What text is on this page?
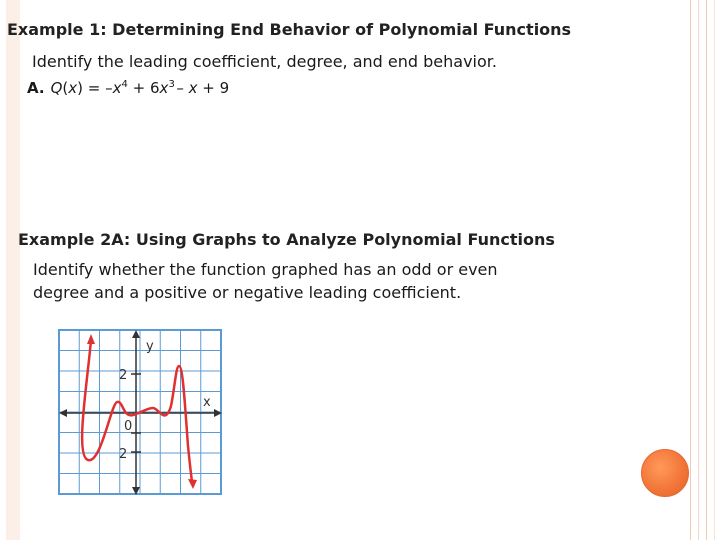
Example 1: Determining End Behavior of Polynomial Functions

Identify the leading coefficient, degree, and end behavior.

A. $Q(x) = -x^4 + 6x^3$  – x + 9

Example 2A: Using Graphs to Analyze Polynomial Functions

Identify whether the function graphed has an odd or even
degree and a positive or negative leading coefficient.

y
x
2
0
2
